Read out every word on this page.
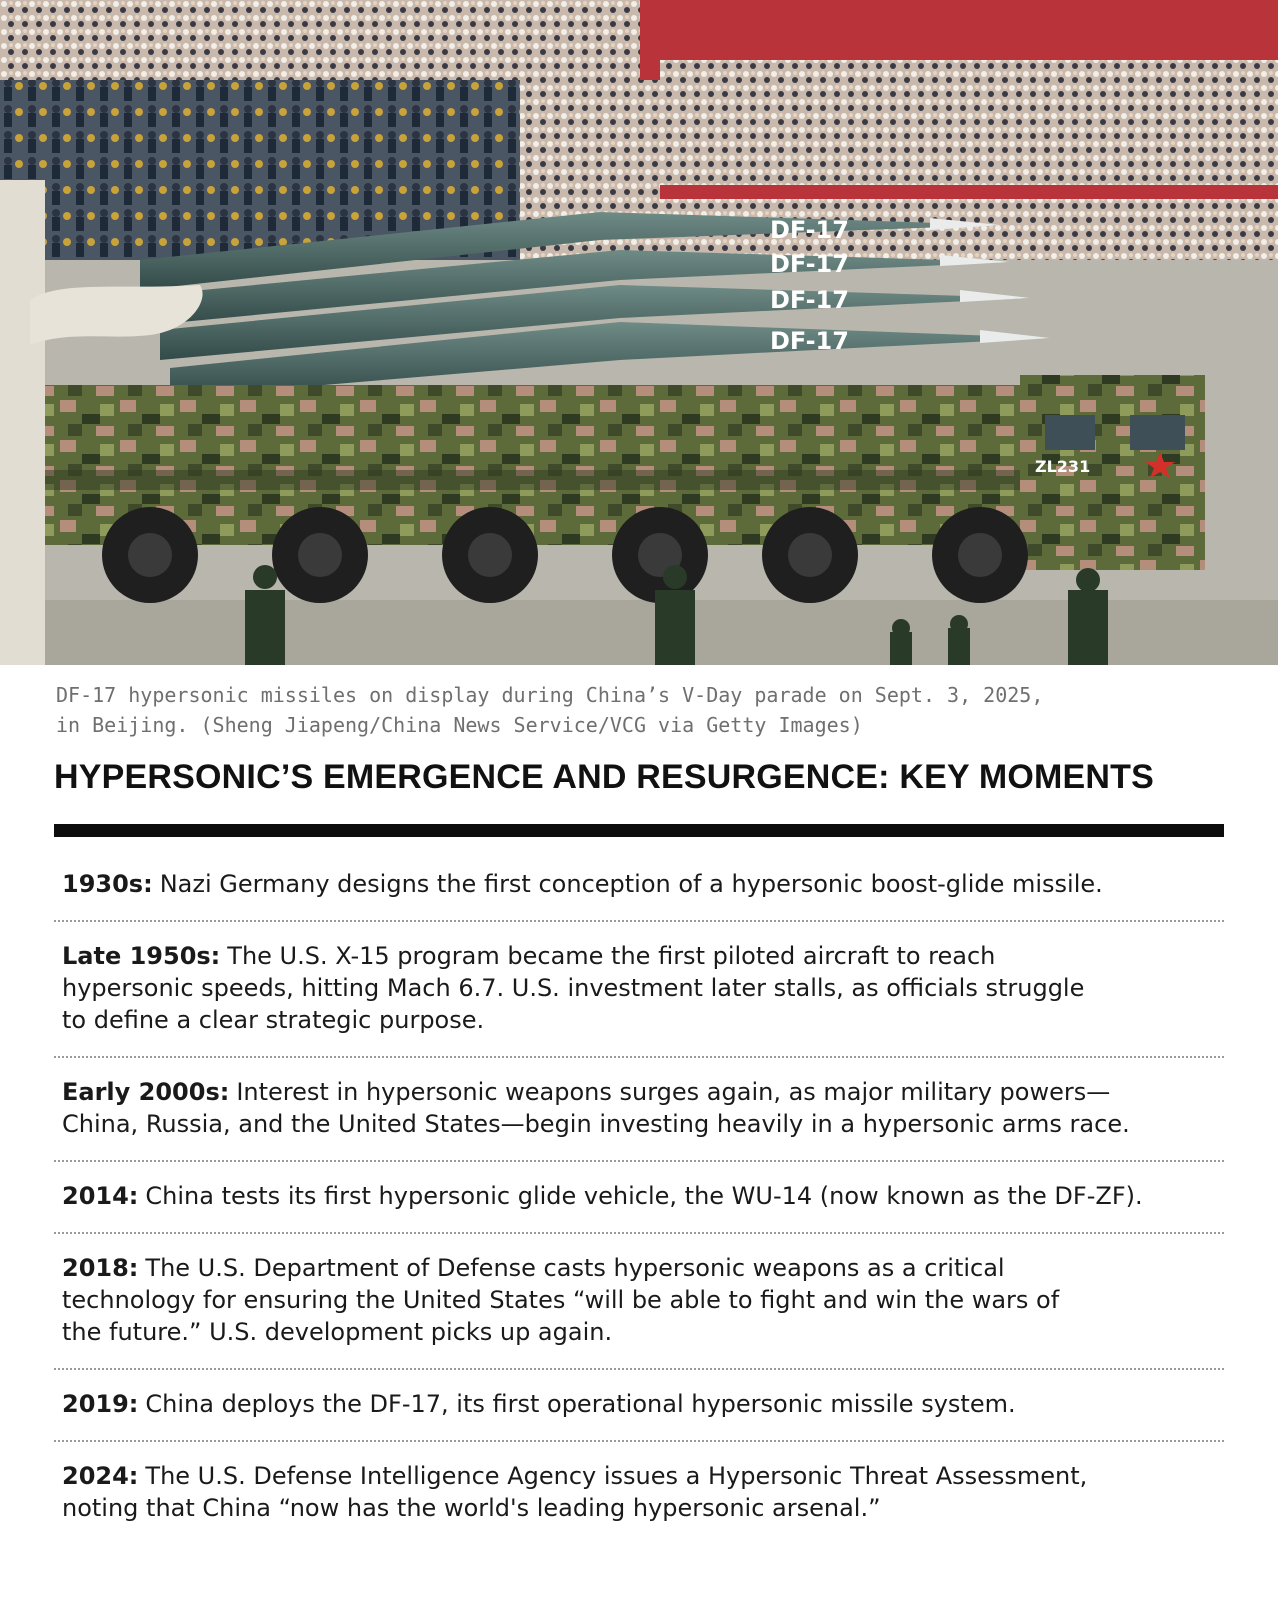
DF-17
DF-17
DF-17
DF-17
ZL231
DF-17 hypersonic missiles on display during China’s V-Day parade on Sept. 3, 2025,
in Beijing. (Sheng Jiapeng/China News Service/VCG via Getty Images)
HYPERSONIC’S EMERGENCE AND RESURGENCE: KEY MOMENTS
1930s: Nazi Germany designs the first conception of a hypersonic boost-glide missile.
Late 1950s: The U.S. X-15 program became the first piloted aircraft to reach
hypersonic speeds, hitting Mach 6.7. U.S. investment later stalls, as officials struggle
to define a clear strategic purpose.
Early 2000s: Interest in hypersonic weapons surges again, as major military powers—
China, Russia, and the United States—begin investing heavily in a hypersonic arms race.
2014: China tests its first hypersonic glide vehicle, the WU-14 (now known as the DF-ZF).
2018: The U.S. Department of Defense casts hypersonic weapons as a critical
technology for ensuring the United States “will be able to fight and win the wars of
the future.” U.S. development picks up again.
2019: China deploys the DF-17, its first operational hypersonic missile system.
2024: The U.S. Defense Intelligence Agency issues a Hypersonic Threat Assessment,
noting that China “now has the world's leading hypersonic arsenal.”
